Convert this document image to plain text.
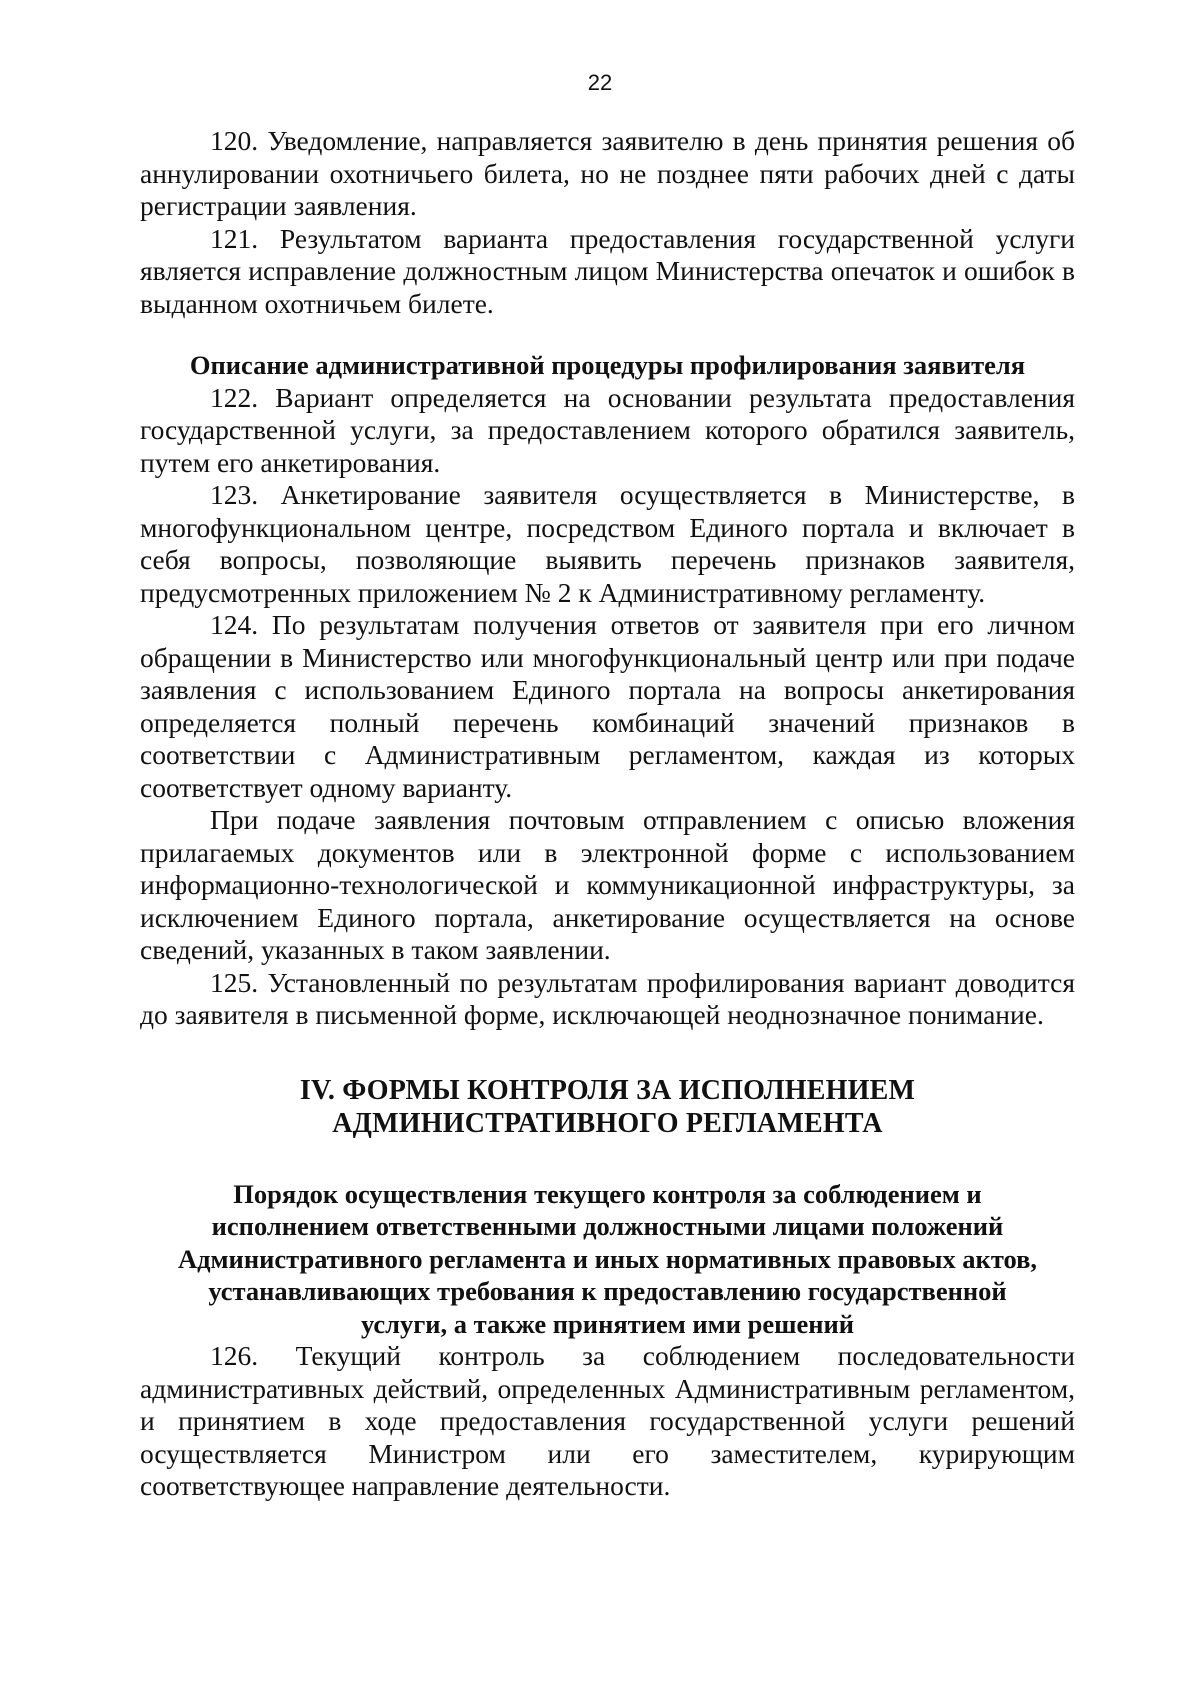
22

120. Уведомление, направляется заявителю в день принятия решения об аннулировании охотничьего билета, но не позднее пяти рабочих дней с даты регистрации заявления.

121. Результатом варианта предоставления государственной услуги является исправление должностным лицом Министерства опечаток и ошибок в выданном охотничьем билете.

Описание административной процедуры профилирования заявителя

122. Вариант определяется на основании результата предоставления государственной услуги, за предоставлением которого обратился заявитель, путем его анкетирования.

123. Анкетирование заявителя осуществляется в Министерстве, в многофункциональном центре, посредством Единого портала и включает в себя вопросы, позволяющие выявить перечень признаков заявителя, предусмотренных приложением № 2 к Административному регламенту.

124. По результатам получения ответов от заявителя при его личном обращении в Министерство или многофункциональный центр или при подаче заявления с использованием Единого портала на вопросы анкетирования определяется полный перечень комбинаций значений признаков в соответствии с Административным регламентом, каждая из которых соответствует одному варианту.

При подаче заявления почтовым отправлением с описью вложения прилагаемых документов или в электронной форме с использованием информационно-технологической и коммуникационной инфраструктуры, за исключением Единого портала, анкетирование осуществляется на основе сведений, указанных в таком заявлении.

125. Установленный по результатам профилирования вариант доводится до заявителя в письменной форме, исключающей неоднозначное понимание.

IV. ФОРМЫ КОНТРОЛЯ ЗА ИСПОЛНЕНИЕМ

АДМИНИСТРАТИВНОГО РЕГЛАМЕНТА

Порядок осуществления текущего контроля за соблюдением и

исполнением ответственными должностными лицами положений

Административного регламента и иных нормативных правовых актов,

устанавливающих требования к предоставлению государственной

услуги, а также принятием ими решений

126. Текущий контроль за соблюдением последовательности административных действий, определенных Административным регламентом, и принятием в ходе предоставления государственной услуги решений осуществляется Министром или его заместителем, курирующим соответствующее направление деятельности.
